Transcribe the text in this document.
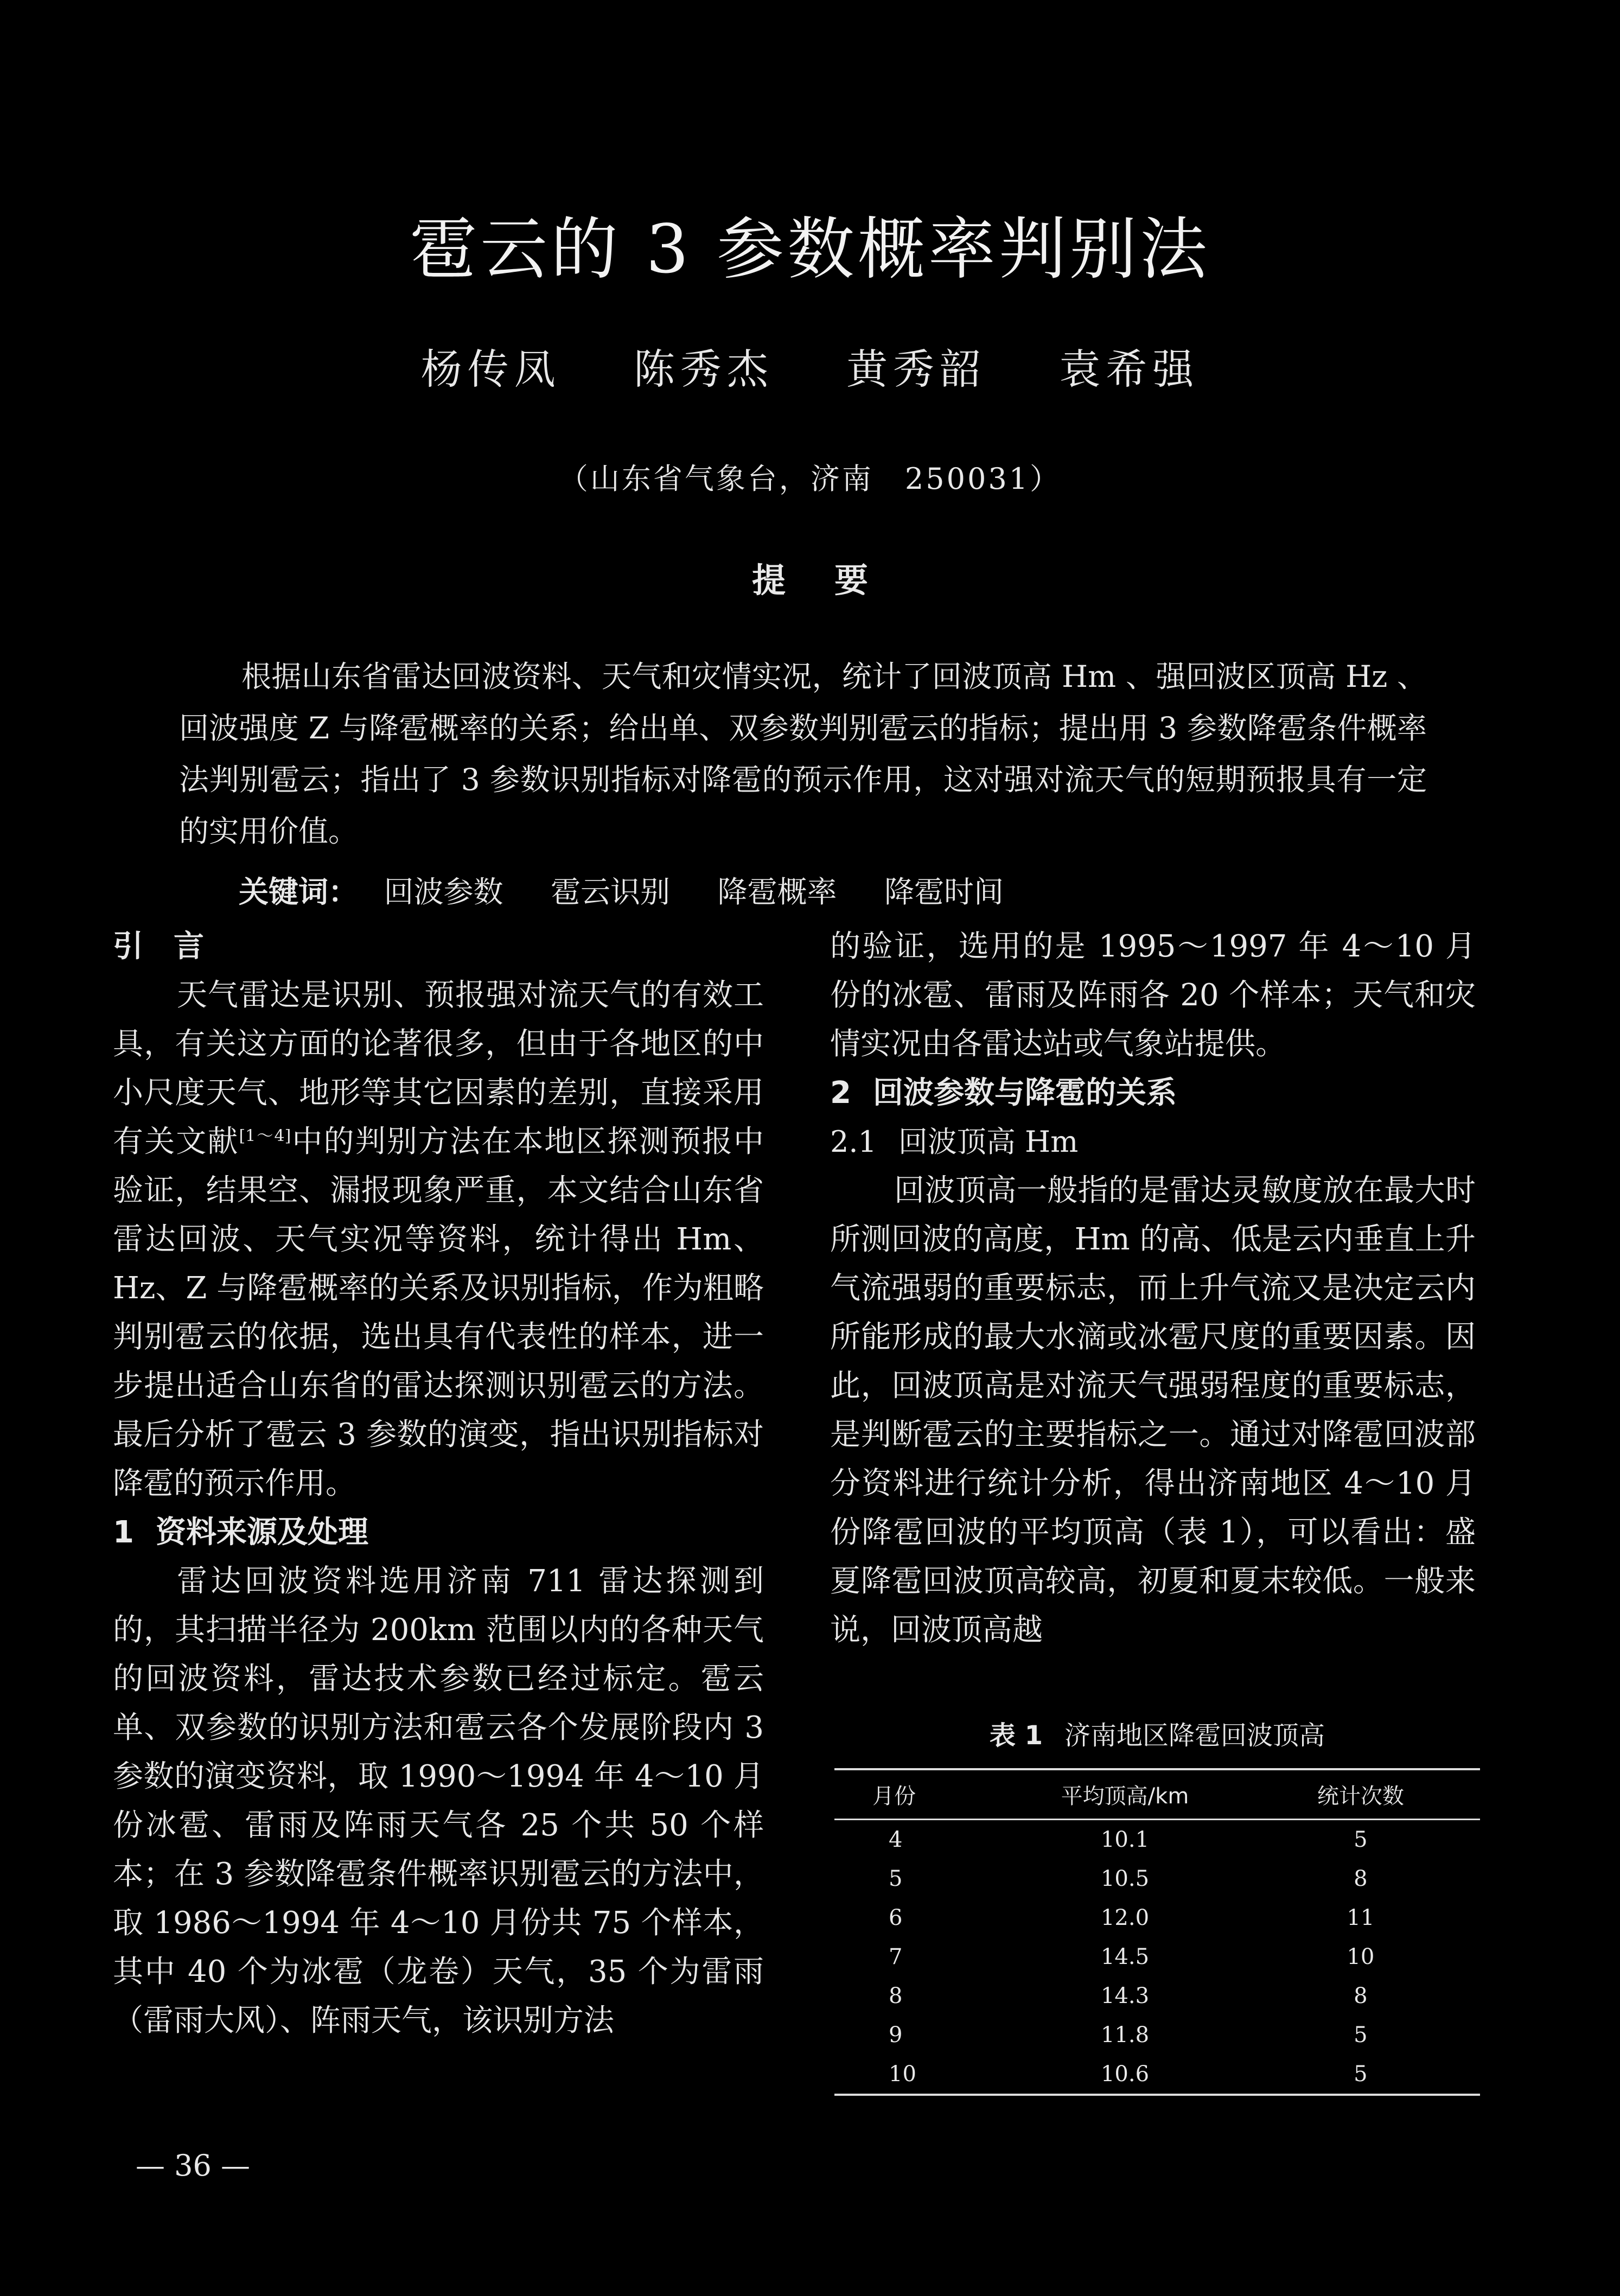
雹云的 3 参数概率判别法
杨传凤 陈秀杰 黄秀韶 袁希强
（山东省气象台，济南　250031）
提要

根据山东省雷达回波资料、天气和灾情实况，统计了回波顶高 Hm 、强回波区顶高 Hz 、回波强度 Z 与降雹概率的关系；给出单、双参数判别雹云的指标；提出用 3 参数降雹条件概率法判别雹云；指出了 3 参数识别指标对降雹的预示作用，这对强对流天气的短期预报具有一定的实用价值。

关键词： 回波参数 雹云识别 降雹概率 降雹时间
引　言

天气雷达是识别、预报强对流天气的有效工具，有关这方面的论著很多，但由于各地区的中小尺度天气、地形等其它因素的差别，直接采用有关文献[1～4]中的判别方法在本地区探测预报中验证，结果空、漏报现象严重，本文结合山东省雷达回波、天气实况等资料，统计得出 Hm、Hz、Z 与降雹概率的关系及识别指标，作为粗略判别雹云的依据，选出具有代表性的样本，进一步提出适合山东省的雷达探测识别雹云的方法。最后分析了雹云 3 参数的演变，指出识别指标对降雹的预示作用。

1 资料来源及处理

雷达回波资料选用济南 711 雷达探测到的，其扫描半径为 200km 范围以内的各种天气的回波资料，雷达技术参数已经过标定。雹云单、双参数的识别方法和雹云各个发展阶段内 3 参数的演变资料，取 1990～1994 年 4～10 月份冰雹、雷雨及阵雨天气各 25 个共 50 个样本；在 3 参数降雹条件概率识别雹云的方法中，取 1986～1994 年 4～10 月份共 75 个样本，其中 40 个为冰雹（龙卷）天气，35 个为雷雨（雷雨大风）、阵雨天气，该识别方法

的验证，选用的是 1995～1997 年 4～10 月份的冰雹、雷雨及阵雨各 20 个样本；天气和灾情实况由各雷达站或气象站提供。

2 回波参数与降雹的关系
2.1 回波顶高 Hm

回波顶高一般指的是雷达灵敏度放在最大时所测回波的高度，Hm 的高、低是云内垂直上升气流强弱的重要标志，而上升气流又是决定云内所能形成的最大水滴或冰雹尺度的重要因素。因此，回波顶高是对流天气强弱程度的重要标志，是判断雹云的主要指标之一。通过对降雹回波部分资料进行统计分析，得出济南地区 4～10 月份降雹回波的平均顶高（表 1），可以看出：盛夏降雹回波顶高较高，初夏和夏末较低。一般来说，回波顶高越

表 1 济南地区降雹回波顶高
月份	平均顶高/km	统计次数
4	10.1	5
5	10.5	8
6	12.0	11
7	14.5	10
8	14.3	8
9	11.8	5
10	10.6	5
— 36 —
